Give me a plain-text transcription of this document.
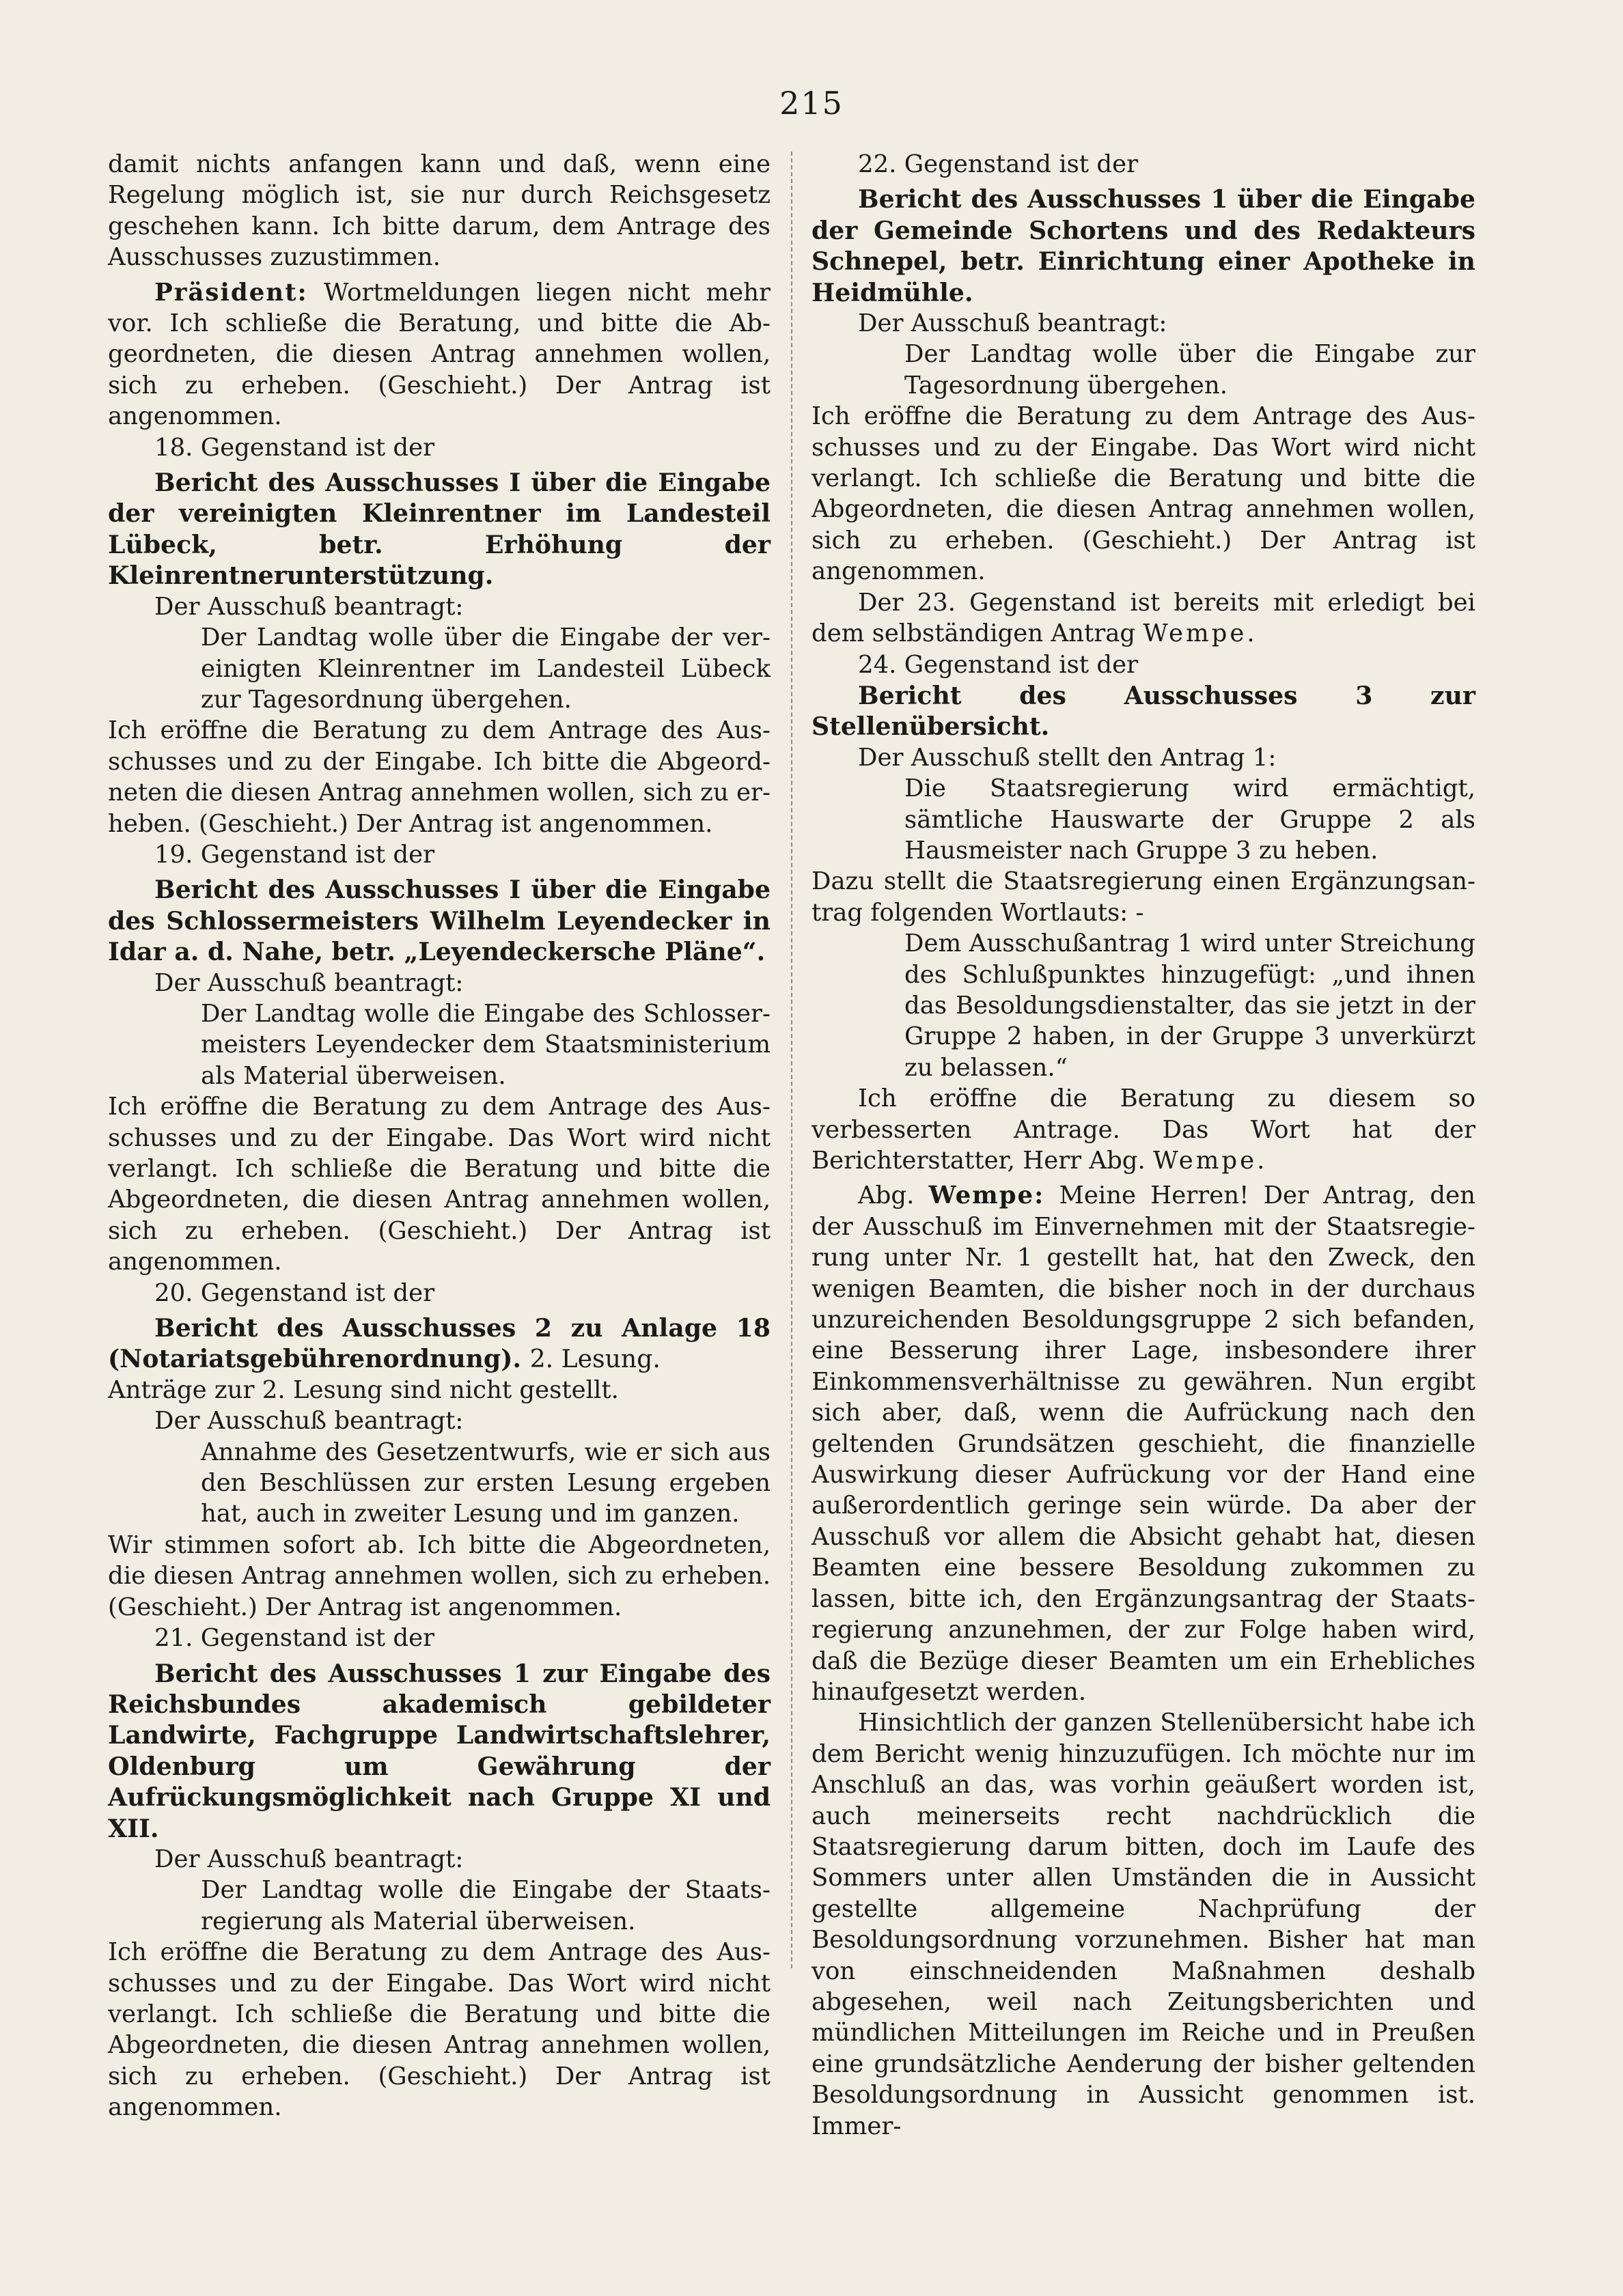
215

damit nichts anfangen kann und daß, wenn eine Regelung möglich ist, sie nur durch Reichsgesetz geschehen kann. Ich bitte darum, dem Antrage des Ausschusses zuzustimmen.

Präsident: Wortmeldungen liegen nicht mehr vor. Ich schließe die Beratung, und bitte die Abgeordneten, die diesen Antrag annehmen wollen, sich zu erheben. (Geschieht.) Der Antrag ist angenommen.

18. Gegenstand ist der

Bericht des Ausschusses I über die Eingabe der vereinigten Kleinrentner im Landesteil Lübeck, betr. Erhöhung der Kleinrentnerunterstützung.

Der Ausschuß beantragt:

Der Landtag wolle über die Eingabe der vereinigten Kleinrentner im Landesteil Lübeck zur Tagesordnung übergehen.

Ich eröffne die Beratung zu dem Antrage des Ausschusses und zu der Eingabe. Ich bitte die Abgeordneten die diesen Antrag annehmen wollen, sich zu erheben. (Geschieht.) Der Antrag ist angenommen.

19. Gegenstand ist der

Bericht des Ausschusses I über die Eingabe des Schlossermeisters Wilhelm Leyendecker in Idar a. d. Nahe, betr. „Leyendeckersche Pläne“.

Der Ausschuß beantragt:

Der Landtag wolle die Eingabe des Schlossermeisters Leyendecker dem Staatsministerium als Material überweisen.

Ich eröffne die Beratung zu dem Antrage des Ausschusses und zu der Eingabe. Das Wort wird nicht verlangt. Ich schließe die Beratung und bitte die Abgeordneten, die diesen Antrag annehmen wollen, sich zu erheben. (Geschieht.) Der Antrag ist angenommen.

20. Gegenstand ist der

Bericht des Ausschusses 2 zu Anlage 18 (Notariatsgebührenordnung). 2. Lesung.

Anträge zur 2. Lesung sind nicht gestellt.

Der Ausschuß beantragt:

Annahme des Gesetzentwurfs, wie er sich aus den Beschlüssen zur ersten Lesung ergeben hat, auch in zweiter Lesung und im ganzen.

Wir stimmen sofort ab. Ich bitte die Abgeordneten, die diesen Antrag annehmen wollen, sich zu erheben. (Geschieht.) Der Antrag ist angenommen.

21. Gegenstand ist der

Bericht des Ausschusses 1 zur Eingabe des Reichsbundes akademisch gebildeter Landwirte, Fachgruppe Landwirtschaftslehrer, Oldenburg um Gewährung der Aufrückungsmöglichkeit nach Gruppe XI und XII.

Der Ausschuß beantragt:

Der Landtag wolle die Eingabe der Staatsregierung als Material überweisen.

Ich eröffne die Beratung zu dem Antrage des Ausschusses und zu der Eingabe. Das Wort wird nicht verlangt. Ich schließe die Beratung und bitte die Abgeordneten, die diesen Antrag annehmen wollen, sich zu erheben. (Geschieht.) Der Antrag ist angenommen.

22. Gegenstand ist der

Bericht des Ausschusses 1 über die Eingabe der Gemeinde Schortens und des Redakteurs Schnepel, betr. Einrichtung einer Apotheke in Heidmühle.

Der Ausschuß beantragt:

Der Landtag wolle über die Eingabe zur Tagesordnung übergehen.

Ich eröffne die Beratung zu dem Antrage des Ausschusses und zu der Eingabe. Das Wort wird nicht verlangt. Ich schließe die Beratung und bitte die Abgeordneten, die diesen Antrag annehmen wollen, sich zu erheben. (Geschieht.) Der Antrag ist angenommen.

Der 23. Gegenstand ist bereits mit erledigt bei dem selbständigen Antrag Wempe.

24. Gegenstand ist der

Bericht des Ausschusses 3 zur Stellenübersicht.

Der Ausschuß stellt den Antrag 1:

Die Staatsregierung wird ermächtigt, sämtliche Hauswarte der Gruppe 2 als Hausmeister nach Gruppe 3 zu heben.

Dazu stellt die Staatsregierung einen Ergänzungsantrag folgenden Wortlauts: -

Dem Ausschußantrag 1 wird unter Streichung des Schlußpunktes hinzugefügt: „und ihnen das Besoldungsdienstalter, das sie jetzt in der Gruppe 2 haben, in der Gruppe 3 unverkürzt zu belassen.“

Ich eröffne die Beratung zu diesem so verbesserten Antrage. Das Wort hat der Berichterstatter, Herr Abg. Wempe.

Abg. Wempe: Meine Herren! Der Antrag, den der Ausschuß im Einvernehmen mit der Staatsregierung unter Nr. 1 gestellt hat, hat den Zweck, den wenigen Beamten, die bisher noch in der durchaus unzureichenden Besoldungsgruppe 2 sich befanden, eine Besserung ihrer Lage, insbesondere ihrer Einkommensverhältnisse zu gewähren. Nun ergibt sich aber, daß, wenn die Aufrückung nach den geltenden Grundsätzen geschieht, die finanzielle Auswirkung dieser Aufrückung vor der Hand eine außerordentlich geringe sein würde. Da aber der Ausschuß vor allem die Absicht gehabt hat, diesen Beamten eine bessere Besoldung zukommen zu lassen, bitte ich, den Ergänzungsantrag der Staatsregierung anzunehmen, der zur Folge haben wird, daß die Bezüge dieser Beamten um ein Erhebliches hinaufgesetzt werden.

Hinsichtlich der ganzen Stellenübersicht habe ich dem Bericht wenig hinzuzufügen. Ich möchte nur im Anschluß an das, was vorhin geäußert worden ist, auch meinerseits recht nachdrücklich die Staatsregierung darum bitten, doch im Laufe des Sommers unter allen Umständen die in Aussicht gestellte allgemeine Nachprüfung der Besoldungsordnung vorzunehmen. Bisher hat man von einschneidenden Maßnahmen deshalb abgesehen, weil nach Zeitungsberichten und mündlichen Mitteilungen im Reiche und in Preußen eine grundsätzliche Aenderung der bisher geltenden Besoldungsordnung in Aussicht genommen ist. Immer-
